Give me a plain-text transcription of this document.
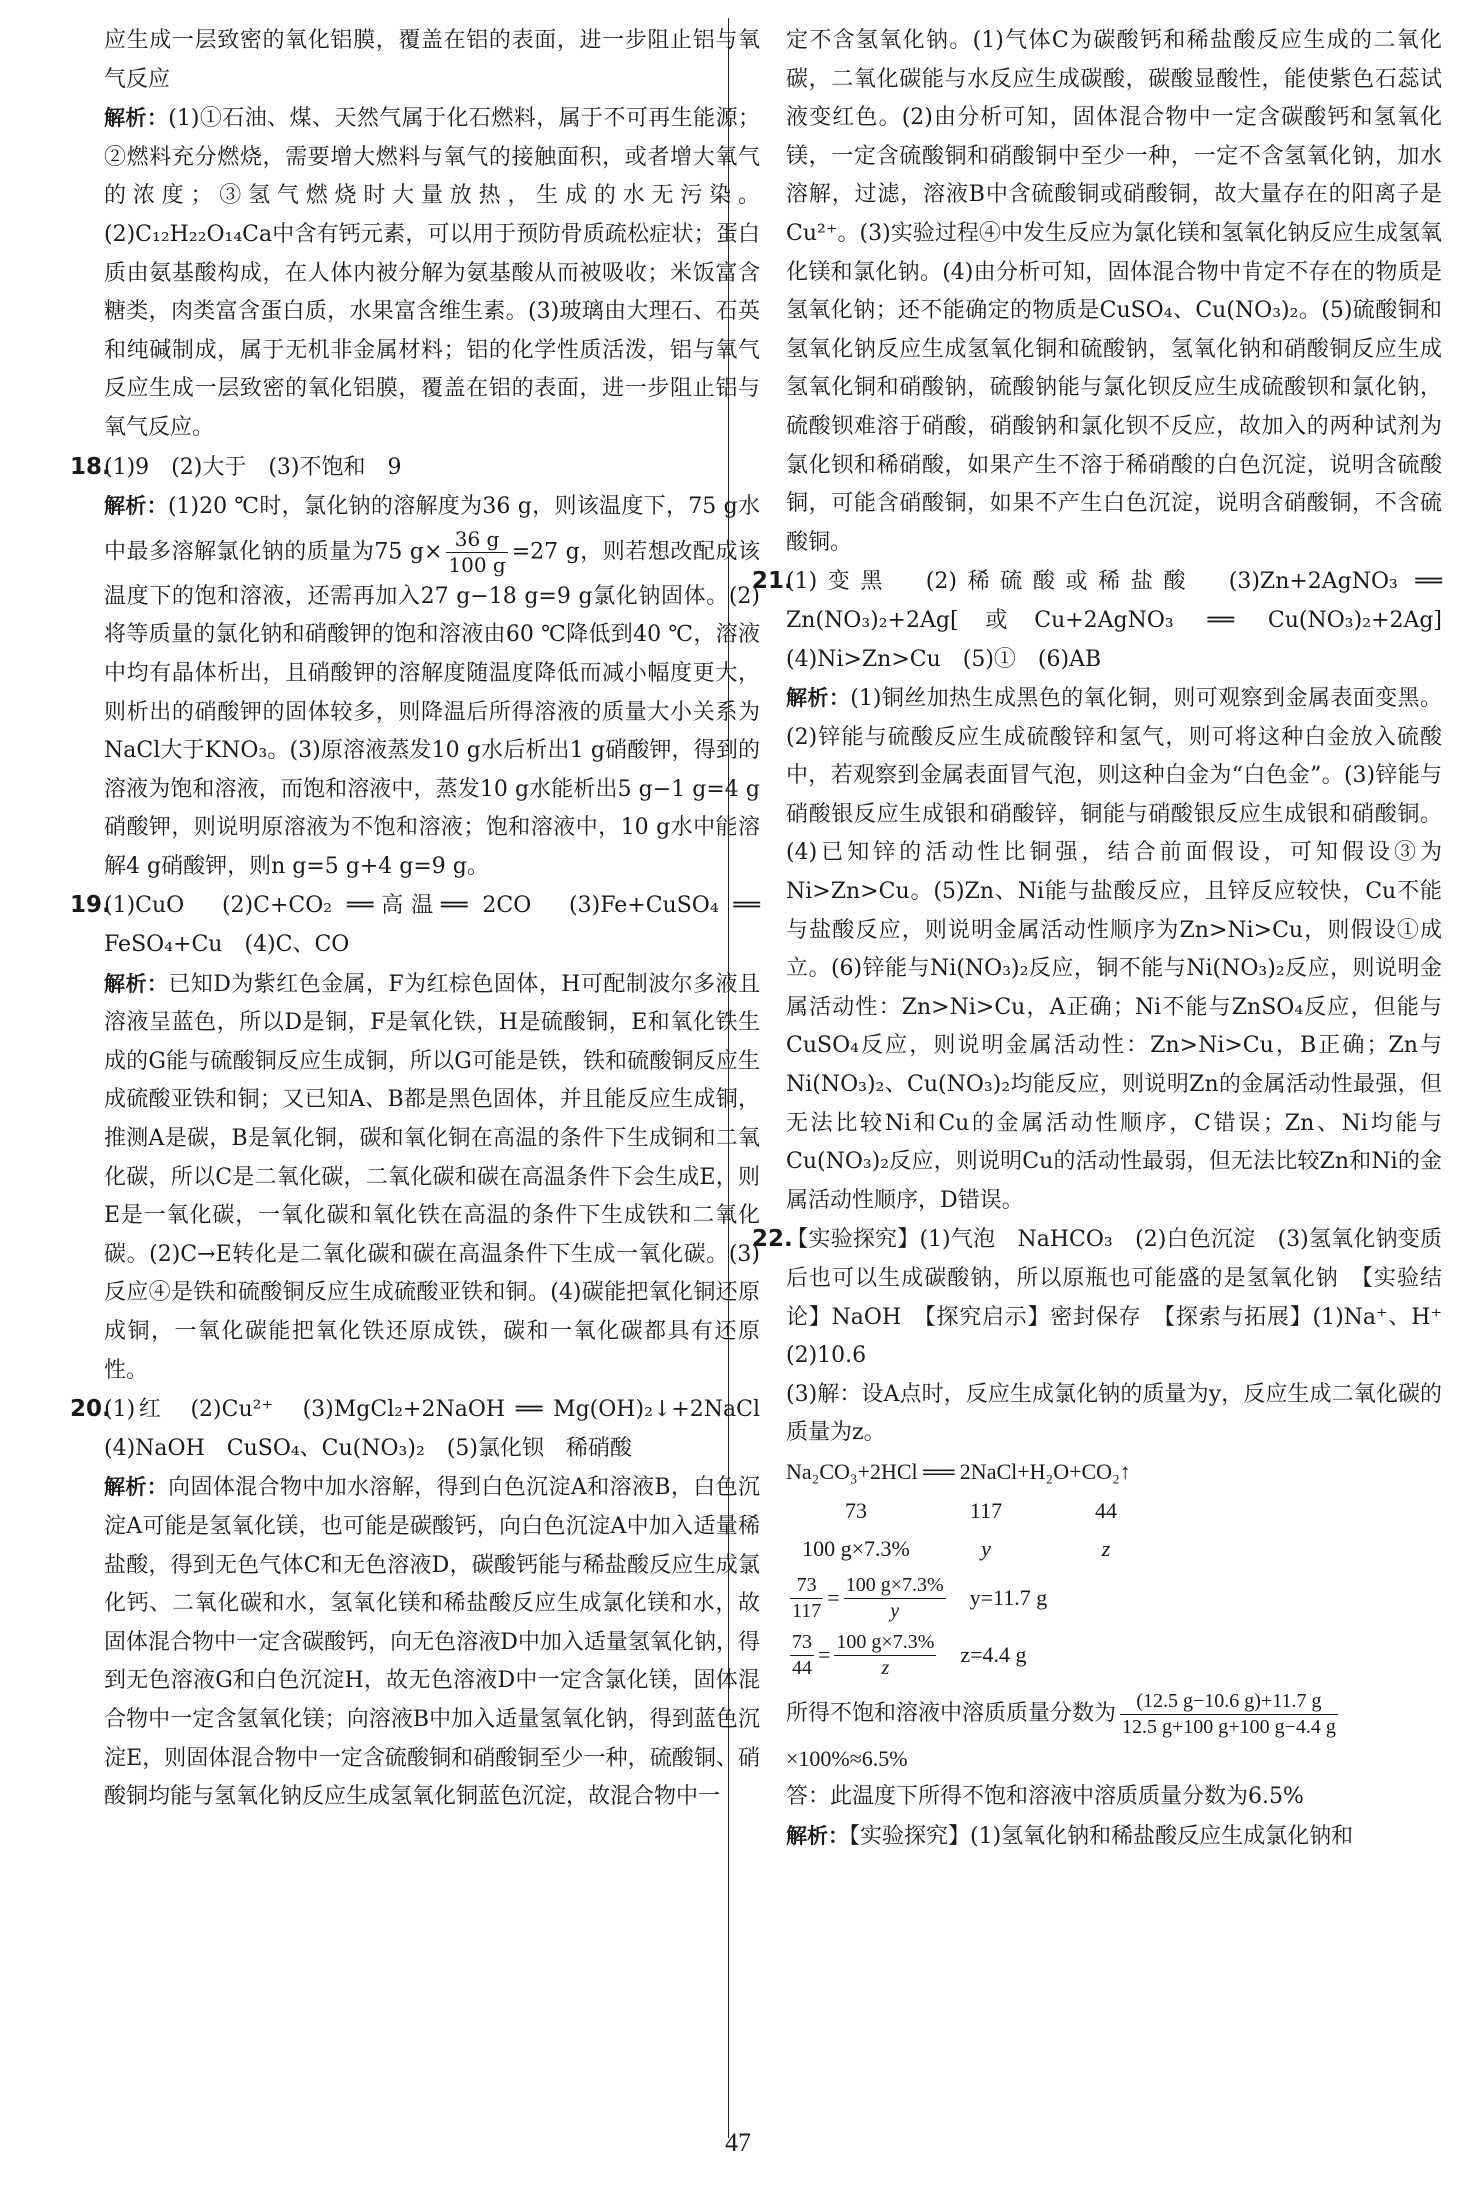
应生成一层致密的氧化铝膜，覆盖在铝的表面，进一步阻止铝与氧气反应

解析：(1)①石油、煤、天然气属于化石燃料，属于不可再生能源；②燃料充分燃烧，需要增大燃料与氧气的接触面积，或者增大氧气的浓度；③氢气燃烧时大量放热，生成的水无污染。(2)C₁₂H₂₂O₁₄Ca中含有钙元素，可以用于预防骨质疏松症状；蛋白质由氨基酸构成，在人体内被分解为氨基酸从而被吸收；米饭富含糖类，肉类富含蛋白质，水果富含维生素。(3)玻璃由大理石、石英和纯碱制成，属于无机非金属材料；铝的化学性质活泼，铝与氧气反应生成一层致密的氧化铝膜，覆盖在铝的表面，进一步阻止铝与氧气反应。

18.(1)9　(2)大于　(3)不饱和　9

解析：(1)20 ℃时，氯化钠的溶解度为36 g，则该温度下，75 g水中最多溶解氯化钠的质量为75 $g\times \frac{36 g}{100 g} =27$ g，则若想改配成该温度下的饱和溶液，还需再加入27 g−18 g=9 g氯化钠固体。(2)将等质量的氯化钠和硝酸钾的饱和溶液由60 ℃降低到40 ℃，溶液中均有晶体析出，且硝酸钾的溶解度随温度降低而减小幅度更大，则析出的硝酸钾的固体较多，则降温后所得溶液的质量大小关系为NaCl大于KNO₃。(3)原溶液蒸发10 g水后析出1 g硝酸钾，得到的溶液为饱和溶液，而饱和溶液中，蒸发10 g水能析出5 g−1 g=4 g硝酸钾，则说明原溶液为不饱和溶液；饱和溶液中，10 g水中能溶解4 g硝酸钾，则n g=5 g+4 g=9 g。

19.(1)CuO　(2)C+CO₂ ══高温══ 2CO　(3)Fe+CuSO₄ ══ FeSO₄+Cu　(4)C、CO

解析：已知D为紫红色金属，F为红棕色固体，H可配制波尔多液且溶液呈蓝色，所以D是铜，F是氧化铁，H是硫酸铜，E和氧化铁生成的G能与硫酸铜反应生成铜，所以G可能是铁，铁和硫酸铜反应生成硫酸亚铁和铜；又已知A、B都是黑色固体，并且能反应生成铜，推测A是碳，B是氧化铜，碳和氧化铜在高温的条件下生成铜和二氧化碳，所以C是二氧化碳，二氧化碳和碳在高温条件下会生成E，则E是一氧化碳，一氧化碳和氧化铁在高温的条件下生成铁和二氧化碳。(2)C→E转化是二氧化碳和碳在高温条件下生成一氧化碳。(3)反应④是铁和硫酸铜反应生成硫酸亚铁和铜。(4)碳能把氧化铜还原成铜，一氧化碳能把氧化铁还原成铁，碳和一氧化碳都具有还原性。

20.(1)红　(2)Cu²⁺　(3)MgCl₂+2NaOH ══ Mg(OH)₂↓+2NaCl　(4)NaOH　CuSO₄、Cu(NO₃)₂　(5)氯化钡　稀硝酸

解析：向固体混合物中加水溶解，得到白色沉淀A和溶液B，白色沉淀A可能是氢氧化镁，也可能是碳酸钙，向白色沉淀A中加入适量稀盐酸，得到无色气体C和无色溶液D，碳酸钙能与稀盐酸反应生成氯化钙、二氧化碳和水，氢氧化镁和稀盐酸反应生成氯化镁和水，故固体混合物中一定含碳酸钙，向无色溶液D中加入适量氢氧化钠，得到无色溶液G和白色沉淀H，故无色溶液D中一定含氯化镁，固体混合物中一定含氢氧化镁；向溶液B中加入适量氢氧化钠，得到蓝色沉淀E，则固体混合物中一定含硫酸铜和硝酸铜至少一种，硫酸铜、硝酸铜均能与氢氧化钠反应生成氢氧化铜蓝色沉淀，故混合物中一

定不含氢氧化钠。(1)气体C为碳酸钙和稀盐酸反应生成的二氧化碳，二氧化碳能与水反应生成碳酸，碳酸显酸性，能使紫色石蕊试液变红色。(2)由分析可知，固体混合物中一定含碳酸钙和氢氧化镁，一定含硫酸铜和硝酸铜中至少一种，一定不含氢氧化钠，加水溶解，过滤，溶液B中含硫酸铜或硝酸铜，故大量存在的阳离子是Cu²⁺。(3)实验过程④中发生反应为氯化镁和氢氧化钠反应生成氢氧化镁和氯化钠。(4)由分析可知，固体混合物中肯定不存在的物质是氢氧化钠；还不能确定的物质是CuSO₄、Cu(NO₃)₂。(5)硫酸铜和氢氧化钠反应生成氢氧化铜和硫酸钠，氢氧化钠和硝酸铜反应生成氢氧化铜和硝酸钠，硫酸钠能与氯化钡反应生成硫酸钡和氯化钠，硫酸钡难溶于硝酸，硝酸钠和氯化钡不反应，故加入的两种试剂为氯化钡和稀硝酸，如果产生不溶于稀硝酸的白色沉淀，说明含硫酸铜，可能含硝酸铜，如果不产生白色沉淀，说明含硝酸铜，不含硫酸铜。

21.(1)变黑　(2)稀硫酸或稀盐酸　(3)Zn+2AgNO₃ ══ Zn(NO₃)₂+2Ag[或Cu+2AgNO₃ ══ Cu(NO₃)₂+2Ag]　(4)Ni>Zn>Cu　(5)①　(6)AB

解析：(1)铜丝加热生成黑色的氧化铜，则可观察到金属表面变黑。(2)锌能与硫酸反应生成硫酸锌和氢气，则可将这种白金放入硫酸中，若观察到金属表面冒气泡，则这种白金为“白色金”。(3)锌能与硝酸银反应生成银和硝酸锌，铜能与硝酸银反应生成银和硝酸铜。(4)已知锌的活动性比铜强，结合前面假设，可知假设③为Ni>Zn>Cu。(5)Zn、Ni能与盐酸反应，且锌反应较快，Cu不能与盐酸反应，则说明金属活动性顺序为Zn>Ni>Cu，则假设①成立。(6)锌能与Ni(NO₃)₂反应，铜不能与Ni(NO₃)₂反应，则说明金属活动性：Zn>Ni>Cu，A正确；Ni不能与ZnSO₄反应，但能与CuSO₄反应，则说明金属活动性：Zn>Ni>Cu，B正确；Zn与Ni(NO₃)₂、Cu(NO₃)₂均能反应，则说明Zn的金属活动性最强，但无法比较Ni和Cu的金属活动性顺序，C错误；Zn、Ni均能与Cu(NO₃)₂反应，则说明Cu的活动性最弱，但无法比较Zn和Ni的金属活动性顺序，D错误。

22.【实验探究】(1)气泡　NaHCO₃　(2)白色沉淀　(3)氢氧化钠变质后也可以生成碳酸钠，所以原瓶也可能盛的是氢氧化钠　【实验结论】NaOH　【探究启示】密封保存　【探索与拓展】(1)Na⁺、H⁺　(2)10.6

(3)解：设A点时，反应生成氯化钠的质量为y，反应生成二氧化碳的质量为z。

Na₂CO₃+2HCl ══ 2NaCl+H₂O+CO₂↑
73	117	44
100 g×7.3%	y	z
$\frac{73}{117} = \frac{100 g\times 7.3\%}{y} y=11.7$ g
$\frac{73}{44} = \frac{100 g\times 7.3\%}{z} z=4.4$ g
所得不饱和溶液中溶质质量分数为 $\frac{(12.5 g-10.6 g)+11.7 g}{12.5 g+100 g+100 g-4.4 g}$

×100%≈6.5%

答：此温度下所得不饱和溶液中溶质质量分数为6.5%

解析：【实验探究】(1)氢氧化钠和稀盐酸反应生成氯化钠和

47
